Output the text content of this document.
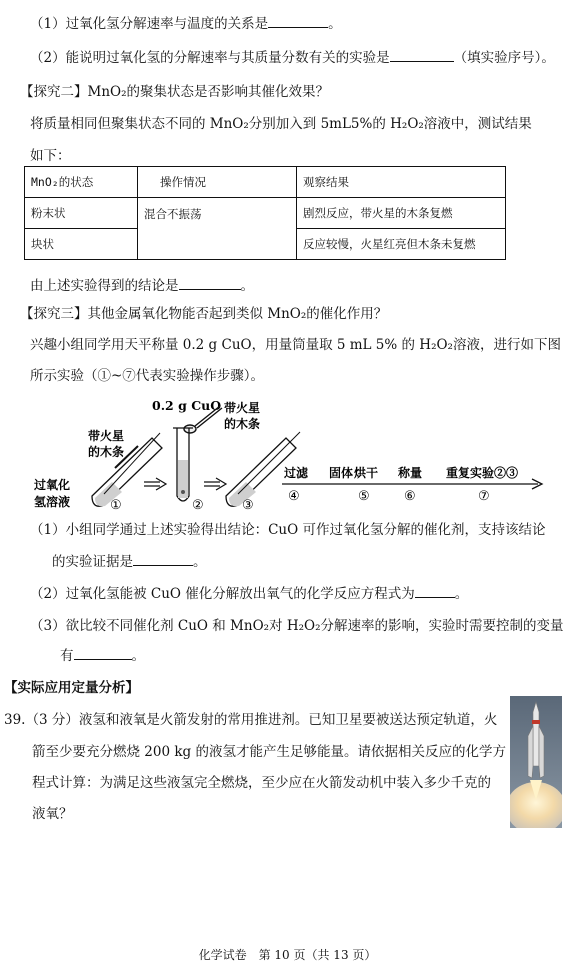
（1）过氧化氢分解速率与温度的关系是	。
（2）能说明过氧化氢的分解速率与其质量分数有关的实验是	（填实验序号）。
【探究二】MnO₂的聚集状态是否影响其催化效果？
将质量相同但聚集状态不同的 MnO₂分别加入到 5mL5%的 H₂O₂溶液中，测试结果
如下：
MnO₂的状态	操作情况	观察结果
粉末状	混合不振荡	剧烈反应，带火星的木条复燃
块状		反应较慢，火星红亮但木条未复燃
由上述实验得到的结论是	。
【探究三】其他金属氧化物能否起到类似 MnO₂的催化作用？
兴趣小组同学用天平称量 0.2 g CuO，用量筒量取 5 mL 5% 的 H₂O₂溶液，进行如下图
所示实验（①~⑦代表实验操作步骤）。
0.2 g CuO
带火星
的木条
过氧化
氢溶液	①	②
带火星
的木条
③
过滤
④
固体 烘干
⑤
称量
⑥
重复实验②③
⑦
（1）小组同学通过上述实验得出结论：CuO 可作过氧化氢分解的催化剂，支持该结论
的实验证据是	。
（2）过氧化氢能被 CuO 催化分解放出氧气的化学反应方程式为	。
（3）欲比较不同催化剂 CuO 和 MnO₂对 H₂O₂分解速率的影响，实验时需要控制的变量
有	。
【实际应用定量分析】
39.（3 分）液氢和液氧是火箭发射的常用推进剂。已知卫星要被送达预定轨道，火
箭至少要充分燃烧 200 kg 的液氢才能产生足够能量。请依据相关反应的化学方
程式计算：为满足这些液氢完全燃烧，至少应在火箭发动机中装入多少千克的
液氧？
化学试卷　第 10 页（共 13 页）
